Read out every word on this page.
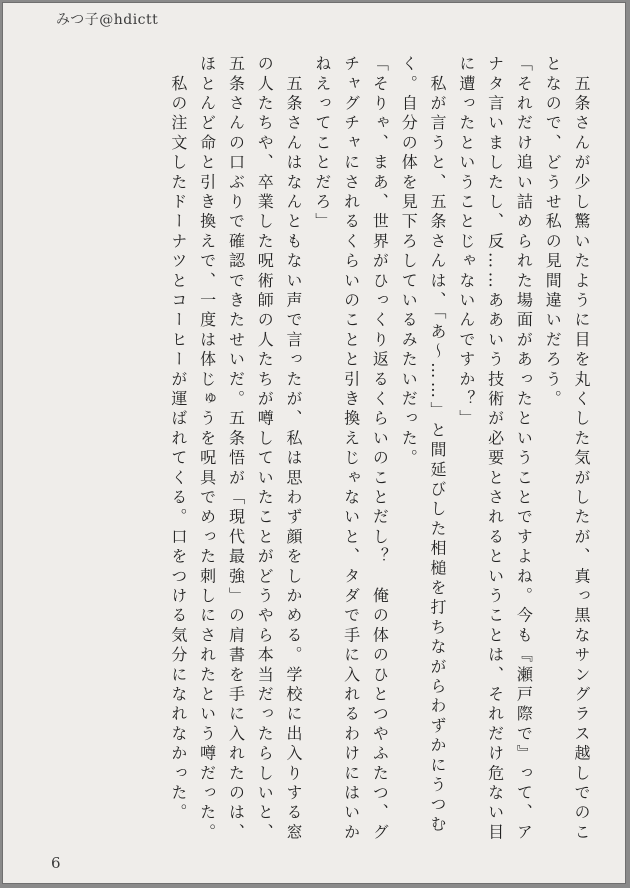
みつ子@hdictt

　五条さんが少し驚いたように目を丸くした気がしたが、真っ黒なサングラス越しでのことなので、どうせ私の見間違いだろう。

「それだけ追い詰められた場面があったということですよね。今も『瀬戸際で』って、アナタ言いましたし、反……ああいう技術が必要とされるということは、それだけ危ない目に遭ったということじゃないんですか？」

　私が言うと、五条さんは、「あ〜……」と間延びした相槌を打ちながらわずかにうつむく。自分の体を見下ろしているみたいだった。

「そりゃ、まあ、世界がひっくり返るくらいのことだし？　俺の体のひとつやふたつ、グチャグチャにされるくらいのことと引き換えじゃないと、タダで手に入れるわけにはいかねえってことだろ」

　五条さんはなんともない声で言ったが、私は思わず顔をしかめる。学校に出入りする窓の人たちや、卒業した呪術師の人たちが噂していたことがどうやら本当だったらしいと、五条さんの口ぶりで確認できたせいだ。五条悟が「現代最強」の肩書を手に入れたのは、ほとんど命と引き換えで、一度は体じゅうを呪具でめった刺しにされたという噂だった。

　私の注文したドーナツとコーヒーが運ばれてくる。口をつける気分になれなかった。

6
